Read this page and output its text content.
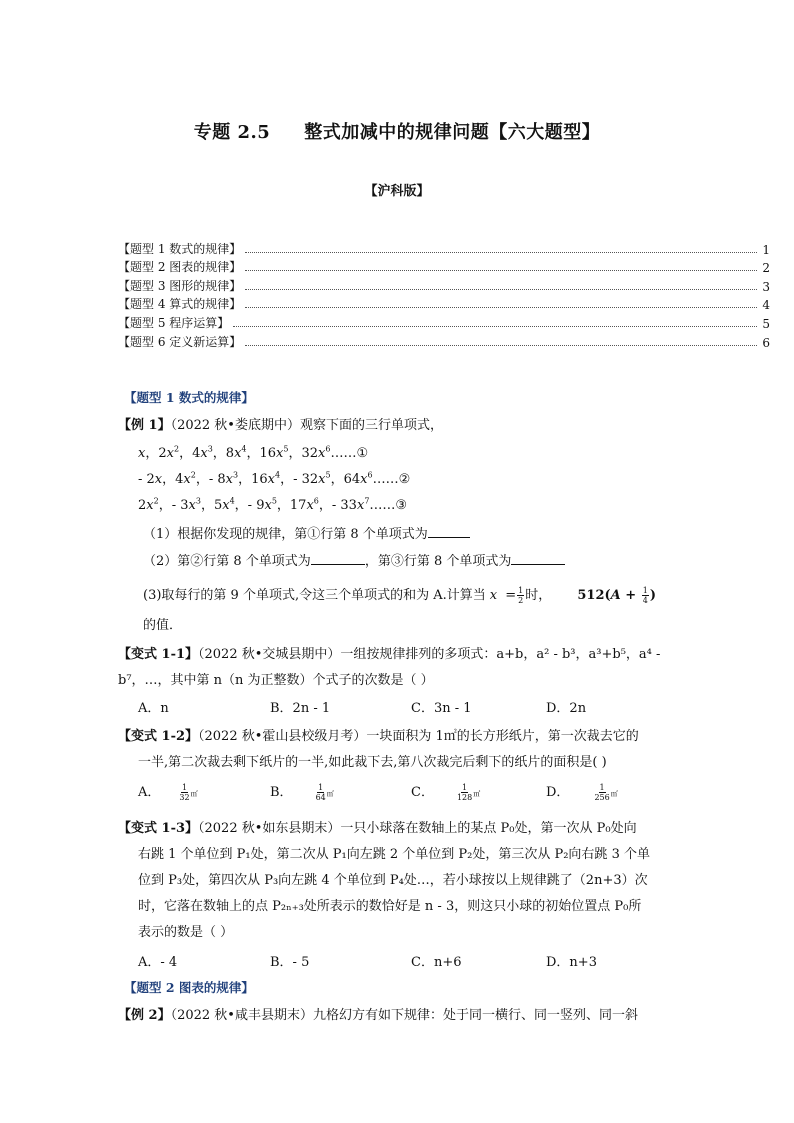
专题 2.5 整式加减中的规律问题【六大题型】
【沪科版】
【题型 1 数式的规律】	1
【题型 2 图表的规律】	2
【题型 3 图形的规律】	3
【题型 4 算式的规律】	4
【题型 5 程序运算】	5
【题型 6 定义新运算】	6
【题型 1 数式的规律】
【例 1】（2022 秋•娄底期中）观察下面的三行单项式，
x，$2x^2$，$4x^3$，$8x^4$，$16x^5$，$32x^6\dots\dots ①$
- 2x，$4x^2$，- $8x^3$，$16x^4$，- $32x^5$，$64x^6\dots\dots ②$
$2x^2$，- $3x^3$，$5x^4$，- $9x^5$，$17x^6$，- $33x^7\dots\dots ③$
（1）根据你发现的规律，第①行第 8 个单项式为
（2）第②行第 8 个单项式为	，第③行第 8 个单项式为
(3)取每行的第 9 个单项式,令这三个单项式的和为 A.计算当 $x = \frac{1}{2}$ 时， $512(A + \frac{1}{4}$ )
的值．
【变式 1-1】（2022 秋•交城县期中）一组按规律排列的多项式：a+b，a² - b³，a³+b⁵，a⁴ -
b⁷，…，其中第 n（n 为正整数）个式子的次数是（ ）
A．n	B．2n - 1	C．3n - 1	D．2n
【变式 1-2】（2022 秋•霍山县校级月考）一块面积为 1㎡的长方形纸片，第一次裁去它的
一半,第二次裁去剩下纸片的一半,如此裁下去,第八次裁完后剩下的纸片的面积是( )
A． $\frac{1}{32}$ ㎡	B．	$\frac{1}{64}$ ㎡	C．	$\frac{1}{128}$ ㎡	D．	$\frac{1}{256}$ ㎡
【变式 1-3】（2022 秋•如东县期末）一只小球落在数轴上的某点 P₀处，第一次从 P₀处向
右跳 1 个单位到 P₁处，第二次从 P₁向左跳 2 个单位到 P₂处，第三次从 P₂向右跳 3 个单
位到 P₃处，第四次从 P₃向左跳 4 个单位到 P₄处…，若小球按以上规律跳了（2n+3）次
时，它落在数轴上的点 P₂ₙ₊₃处所表示的数恰好是 n - 3，则这只小球的初始位置点 P₀所
表示的数是（ ）
A．- 4	B．- 5	C．n+6	D．n+3
【题型 2 图表的规律】
【例 2】（2022 秋•咸丰县期末）九格幻方有如下规律：处于同一横行、同一竖列、同一斜
